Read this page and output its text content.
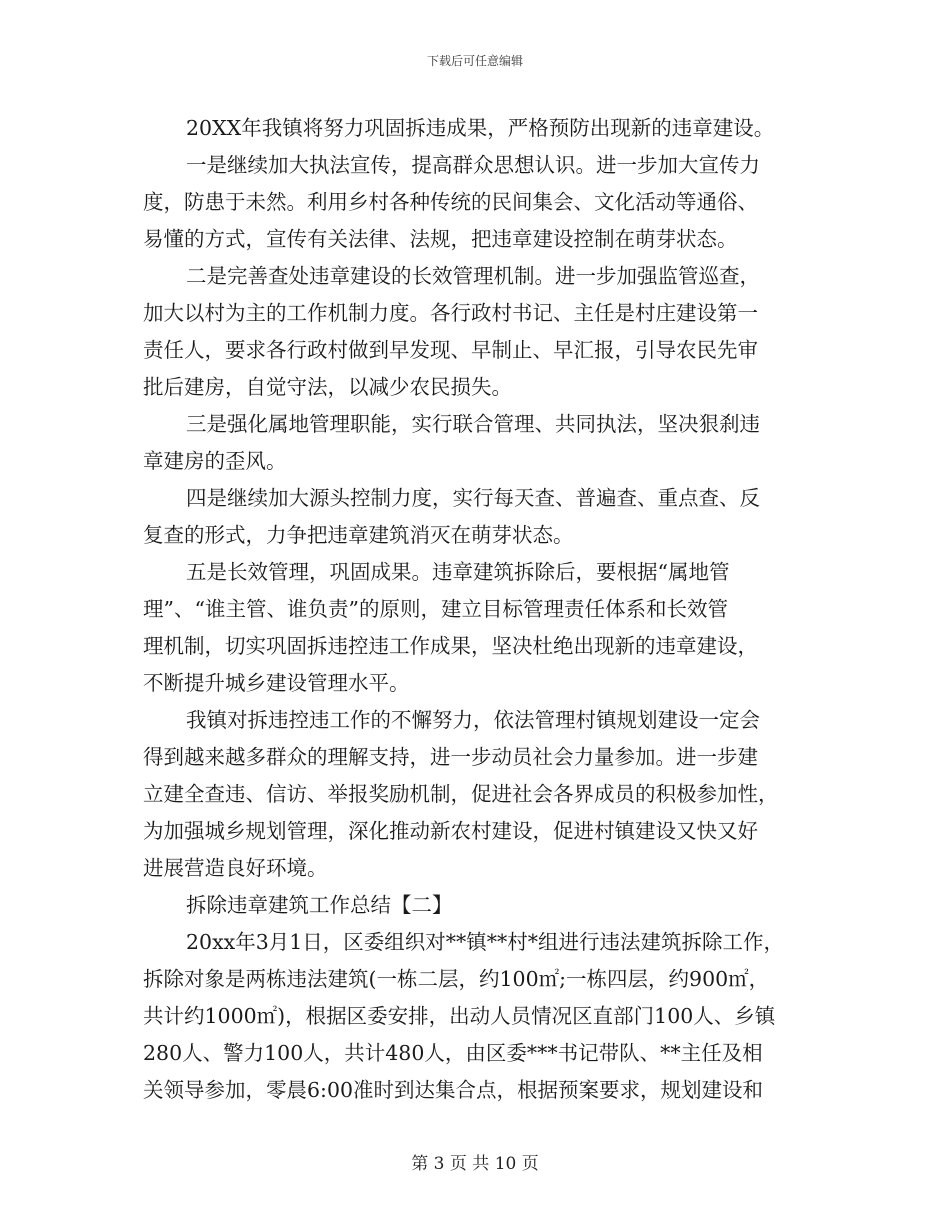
下载后可任意编辑
20XX年我镇将努力巩固拆违成果，严格预防出现新的违章建设。
一是继续加大执法宣传，提高群众思想认识。进一步加大宣传力
度，防患于未然。利用乡村各种传统的民间集会、文化活动等通俗、
易懂的方式，宣传有关法律、法规，把违章建设控制在萌芽状态。
二是完善查处违章建设的长效管理机制。进一步加强监管巡查，
加大以村为主的工作机制力度。各行政村书记、主任是村庄建设第一
责任人，要求各行政村做到早发现、早制止、早汇报，引导农民先审
批后建房，自觉守法，以减少农民损失。
三是强化属地管理职能，实行联合管理、共同执法，坚决狠刹违
章建房的歪风。
四是继续加大源头控制力度，实行每天查、普遍查、重点查、反
复查的形式，力争把违章建筑消灭在萌芽状态。
五是长效管理，巩固成果。违章建筑拆除后，要根据“属地管
理”、“谁主管、谁负责”的原则，建立目标管理责任体系和长效管
理机制，切实巩固拆违控违工作成果，坚决杜绝出现新的违章建设，
不断提升城乡建设管理水平。
我镇对拆违控违工作的不懈努力，依法管理村镇规划建设一定会
得到越来越多群众的理解支持，进一步动员社会力量参加。进一步建
立建全查违、信访、举报奖励机制，促进社会各界成员的积极参加性，
为加强城乡规划管理，深化推动新农村建设，促进村镇建设又快又好
进展营造良好环境。
拆除违章建筑工作总结【二】
20xx年3月1日，区委组织对**镇**村*组进行违法建筑拆除工作，
拆除对象是两栋违法建筑(一栋二层，约100㎡;一栋四层，约900㎡，
共计约1000㎡)，根据区委安排，出动人员情况区直部门100人、乡镇
280人、警力100人，共计480人，由区委***书记带队、**主任及相
关领导参加，零晨6:00准时到达集合点，根据预案要求，规划建设和
第 3 页 共 10 页
